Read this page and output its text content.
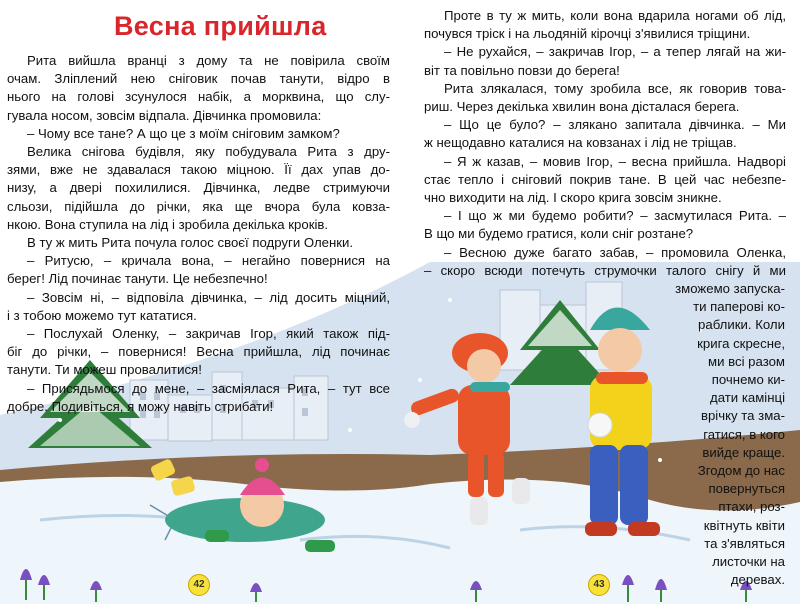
Весна прийшла

Рита вийшла вранці з дому та не повірила своїм

очам. Зліплений нею сніговик почав танути, відро в

нього на голові зсунулося набік, а морквина, що слу-

гувала носом, зовсім відпала. Дівчинка промовила:

– Чому все тане? А що це з моїм сніговим замком?

Велика снігова будівля, яку побудувала Рита з дру-

зями, вже не здавалася такою міцною. Її дах упав до-

низу, а двері похилилися. Дівчинка, ледве стримуючи

сльози, підійшла до річки, яка ще вчора була ковза-

нкою. Вона ступила на лід і зробила декілька кроків.

В ту ж мить Рита почула голос своєї подруги Оленки.

– Ритусю, – кричала вона, – негайно повернися на

берег! Лід починає танути. Це небезпечно!

– Зовсім ні, – відповіла дівчинка, – лід досить міцний,

і з тобою можемо тут кататися.

– Послухай Оленку, – закричав Ігор, який також під-

біг до річки, – повернися! Весна прийшла, лід починає

танути. Ти можеш провалитися!

– Присядьмося до мене, – засміялася Рита, – тут все

добре. Подивіться, я можу навіть стрибати!

Проте в ту ж мить, коли вона вдарила ногами об лід,

почувся тріск і на льодяній кірочці з'явилися тріщини.

– Не рухайся, – закричав Ігор, – а тепер лягай на жи-

віт та повільно повзи до берега!

Рита злякалася, тому зробила все, як говорив това-

риш. Через декілька хвилин вона дісталася берега.

– Що це було? – злякано запитала дівчинка. – Ми

ж нещодавно каталися на ковзанах і лід не тріщав.

– Я ж казав, – мовив Ігор, – весна прийшла. Надворі

стає тепло і сніговий покрив тане. В цей час небезпе-

чно виходити на лід. І скоро крига зовсім зникне.

– І що ж ми будемо робити? – засмутилася Рита. –

В що ми будемо гратися, коли сніг розтане?

– Весною дуже багато забав, – промовила Оленка,

– скоро всюди потечуть струмочки талого снігу й ми

зможемо запуска-
ти паперові ко-
раблики. Коли
крига скресне,
ми всі разом
почнемо ки-
дати камінці
врічку та зма-
гатися, в кого
вийде краще.
Згодом до нас
повернуться
птахи, роз-
квітнуть квіти
та з'являться
листочки на
деревах.
42	43
